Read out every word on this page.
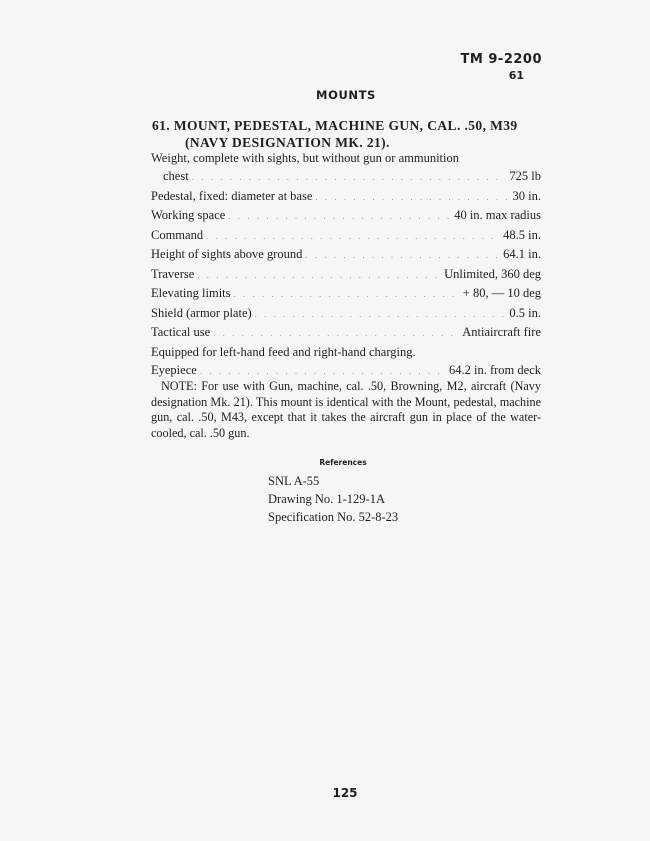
TM 9-2200
61
MOUNTS
61. MOUNT, PEDESTAL, MACHINE GUN, CAL. .50, M39
(NAVY DESIGNATION MK. 21).
Weight, complete with sights, but without gun or ammunition
chest . . .	725 lb
Pedestal, fixed: diameter at base . . .	30 in.
Working space . . .	40 in. max radius
Command . . .	48.5 in.
Height of sights above ground . . .	64.1 in.
Traverse . . .	Unlimited, 360 deg
Elevating limits . . .	+ 80, — 10 deg
Shield (armor plate) . . .	0.5 in.
Tactical use . . .	Antiaircraft fire
Equipped for left-hand feed and right-hand charging.
Eyepiece . . .	64.2 in. from deck
NOTE: For use with Gun, machine, cal. .50, Browning, M2, aircraft (Navy designation Mk. 21). This mount is identical with the Mount, pedestal, machine gun, cal. .50, M43, except that it takes the aircraft gun in place of the water-cooled, cal. .50 gun.
References
SNL A-55
Drawing No. 1-129-1A
Specification No. 52-8-23
125
